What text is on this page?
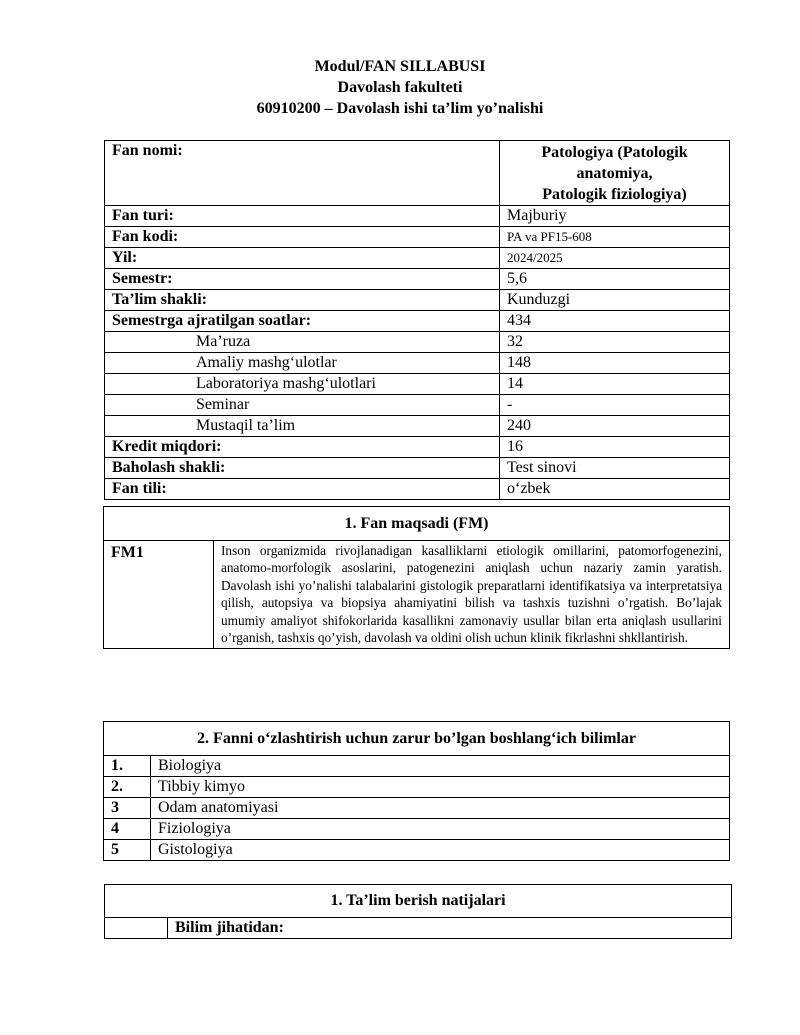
Modul/FAN SILLABUSI
Davolash fakulteti
60910200 – Davolash ishi ta’lim yo’nalishi
Fan nomi:	Patologiya (Patologik anatomiya,
Patologik fiziologiya)

Fan turi:	Majburiy
Fan kodi:	PA va PF15-608
Yil:	2024/2025
Semestr:	5,6
Ta’lim shakli:	Kunduzgi
Semestrga ajratilgan soatlar:	434
Ma’ruza	32
Amaliy mashg‘ulotlar	148
Laboratoriya mashg‘ulotlari	14
Seminar	-
Mustaqil ta’lim	240
Kredit miqdori:	16
Baholash shakli:	Test sinovi
Fan tili:	o‘zbek
1. Fan maqsadi (FM)
FM1	Inson organizmida rivojlanadigan kasalliklarni etiologik omillarini, patomorfogenezini, anatomo-morfologik asoslarini, patogenezini aniqlash uchun nazariy zamin yaratish. Davolash ishi yo’nalishi talabalarini gistologik preparatlarni identifikatsiya va interpretatsiya qilish, autopsiya va biopsiya ahamiyatini bilish va tashxis tuzishni o’rgatish. Bo’lajak umumiy amaliyot shifokorlarida kasallikni zamonaviy usullar bilan erta aniqlash usullarini o’rganish, tashxis qo’yish, davolash va oldini olish uchun klinik fikrlashni shkllantirish.
2. Fanni o‘zlashtirish uchun zarur bo’lgan boshlang‘ich bilimlar	
1.	Biologiya
2.	Tibbiy kimyo
3	Odam anatomiyasi
4	Fiziologiya
5	Gistologiya
1. Ta’lim berish natijalari
	Bilim jihatidan:
